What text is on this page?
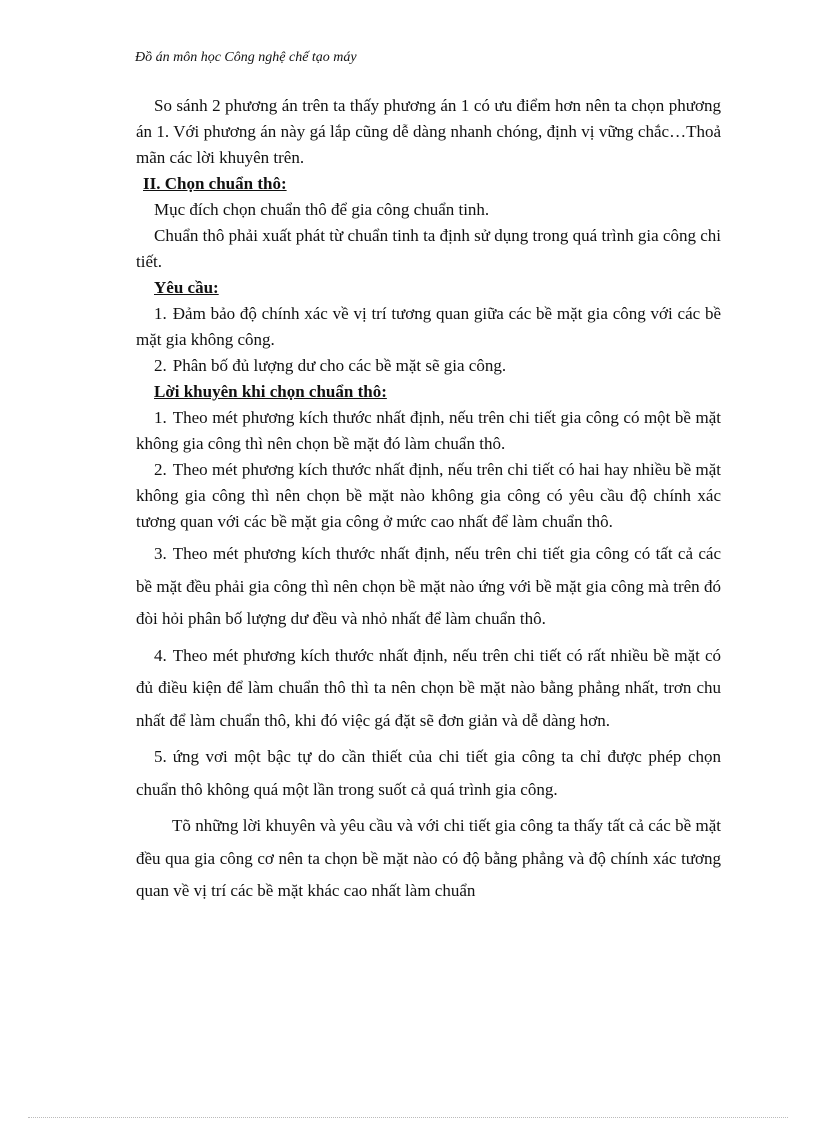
Đồ án môn học Công nghệ chế tạo máy

So sánh 2 phương án trên ta thấy phương án 1 có ưu điểm hơn nên ta chọn phương án 1. Với phương án này gá lắp cũng dễ dàng nhanh chóng, định vị vững chắc…Thoả mãn các lời khuyên trên.

II. Chọn chuẩn thô:

Mục đích chọn chuẩn thô để gia công chuẩn tinh.

Chuẩn thô phải xuất phát từ chuẩn tinh ta định sử dụng trong quá trình gia công chi tiết.

Yêu cầu:

1. Đảm bảo độ chính xác về vị trí tương quan giữa các bề mặt gia công với các bề mặt gia không công.

2. Phân bố đủ lượng dư cho các bề mặt sẽ gia công.

Lời khuyên khi chọn chuẩn thô:

1. Theo mét phương kích thước nhất định, nếu trên chi tiết gia công có một bề mặt không gia công thì nên chọn bề mặt đó làm chuẩn thô.

2. Theo mét phương kích thước nhất định, nếu trên chi tiết có hai hay nhiều bề mặt không gia công thì nên chọn bề mặt nào không gia công có yêu cầu độ chính xác tương quan với các bề mặt gia công ở mức cao nhất để làm chuẩn thô.

3. Theo mét phương kích thước nhất định, nếu trên chi tiết gia công có tất cả các bề mặt đều phải gia công thì nên chọn bề mặt nào ứng với bề mặt gia công mà trên đó đòi hỏi phân bố lượng dư đều và nhỏ nhất để làm chuẩn thô.

4. Theo mét phương kích thước nhất định, nếu trên chi tiết có rất nhiều bề mặt có đủ điều kiện để làm chuẩn thô thì ta nên chọn bề mặt nào bằng phẳng nhất, trơn chu nhất để làm chuẩn thô, khi đó việc gá đặt sẽ đơn giản và dễ dàng hơn.

5. ứng vơi một bậc tự do cần thiết của chi tiết gia công ta chỉ được phép chọn chuẩn thô không quá một lần trong suốt cả quá trình gia công.

Tõ những lời khuyên và yêu cầu và với chi tiết gia công ta thấy tất cả các bề mặt đều qua gia công cơ nên ta chọn bề mặt nào có độ bằng phẳng và độ chính xác tương quan về vị trí các bề mặt khác cao nhất làm chuẩn
